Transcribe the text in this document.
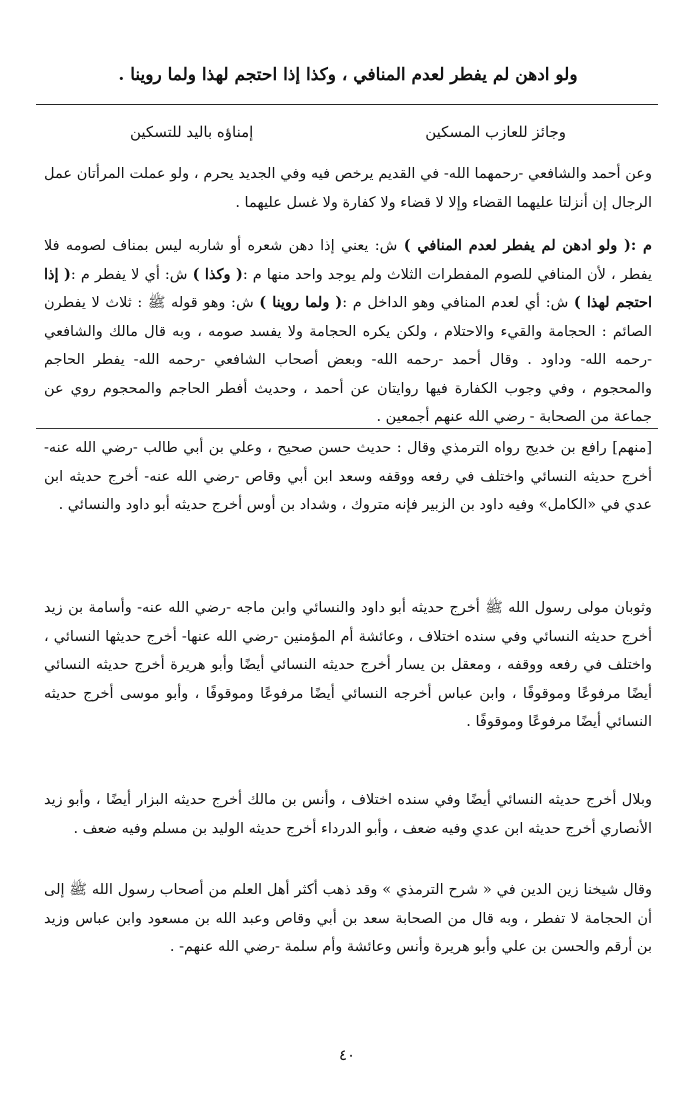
ولو ادهن لم يفطر لعدم المنافي ، وكذا إذا احتجم لهذا ولما روينا .
وجائز للعازب المسكين
إمناؤه باليد للتسكين

وعن أحمد والشافعي -رحمهما الله- في القديم يرخص فيه وفي الجديد يحرم ، ولو عملت المرأتان عمل الرجال إن أنزلتا عليهما القضاء وإلا لا قضاء ولا كفارة ولا غسل عليهما .

م :( ولو ادهن لم يفطر لعدم المنافي ) ش: يعني إذا دهن شعره أو شاربه ليس بمناف لصومه فلا يفطر ، لأن المنافي للصوم المفطرات الثلاث ولم يوجد واحد منها م :( وكذا ) ش: أي لا يفطر م :( إذا احتجم لهذا ) ش: أي لعدم المنافي وهو الداخل م :( ولما روينا ) ش: وهو قوله ﷺ : ثلاث لا يفطرن الصائم : الحجامة والقيء والاحتلام ، ولكن يكره الحجامة ولا يفسد صومه ، وبه قال مالك والشافعي -رحمه الله- وداود . وقال أحمد -رحمه الله- وبعض أصحاب الشافعي -رحمه الله- يفطر الحاجم والمحجوم ، وفي وجوب الكفارة فيها روايتان عن أحمد ، وحديث أفطر الحاجم والمحجوم روي عن جماعة من الصحابة - رضي الله عنهم أجمعين .

[منهم] رافع بن خديج رواه الترمذي وقال : حديث حسن صحيح ، وعلي بن أبي طالب -رضي الله عنه- أخرج حديثه النسائي واختلف في رفعه ووقفه وسعد ابن أبي وقاص -رضي الله عنه- أخرج حديثه ابن عدي في «الكامل» وفيه داود بن الزبير فإنه متروك ، وشداد بن أوس أخرج حديثه أبو داود والنسائي .

وثوبان مولى رسول الله ﷺ أخرج حديثه أبو داود والنسائي وابن ماجه -رضي الله عنه- وأسامة بن زيد أخرج حديثه النسائي وفي سنده اختلاف ، وعائشة أم المؤمنين -رضي الله عنها- أخرج حديثها النسائي ، واختلف في رفعه ووقفه ، ومعقل بن يسار أخرج حديثه النسائي أيضًا وأبو هريرة أخرج حديثه النسائي أيضًا مرفوعًا وموقوفًا ، وابن عباس أخرجه النسائي أيضًا مرفوعًا وموقوفًا ، وأبو موسى أخرج حديثه النسائي أيضًا مرفوعًا وموقوفًا .

وبلال أخرج حديثه النسائي أيضًا وفي سنده اختلاف ، وأنس بن مالك أخرج حديثه البزار أيضًا ، وأبو زيد الأنصاري أخرج حديثه ابن عدي وفيه ضعف ، وأبو الدرداء أخرج حديثه الوليد بن مسلم وفيه ضعف .

وقال شيخنا زين الدين في « شرح الترمذي » وقد ذهب أكثر أهل العلم من أصحاب رسول الله ﷺ إلى أن الحجامة لا تفطر ، وبه قال من الصحابة سعد بن أبي وقاص وعبد الله بن مسعود وابن عباس وزيد بن أرقم والحسن بن علي وأبو هريرة وأنس وعائشة وأم سلمة -رضي الله عنهم- .

٤٠
